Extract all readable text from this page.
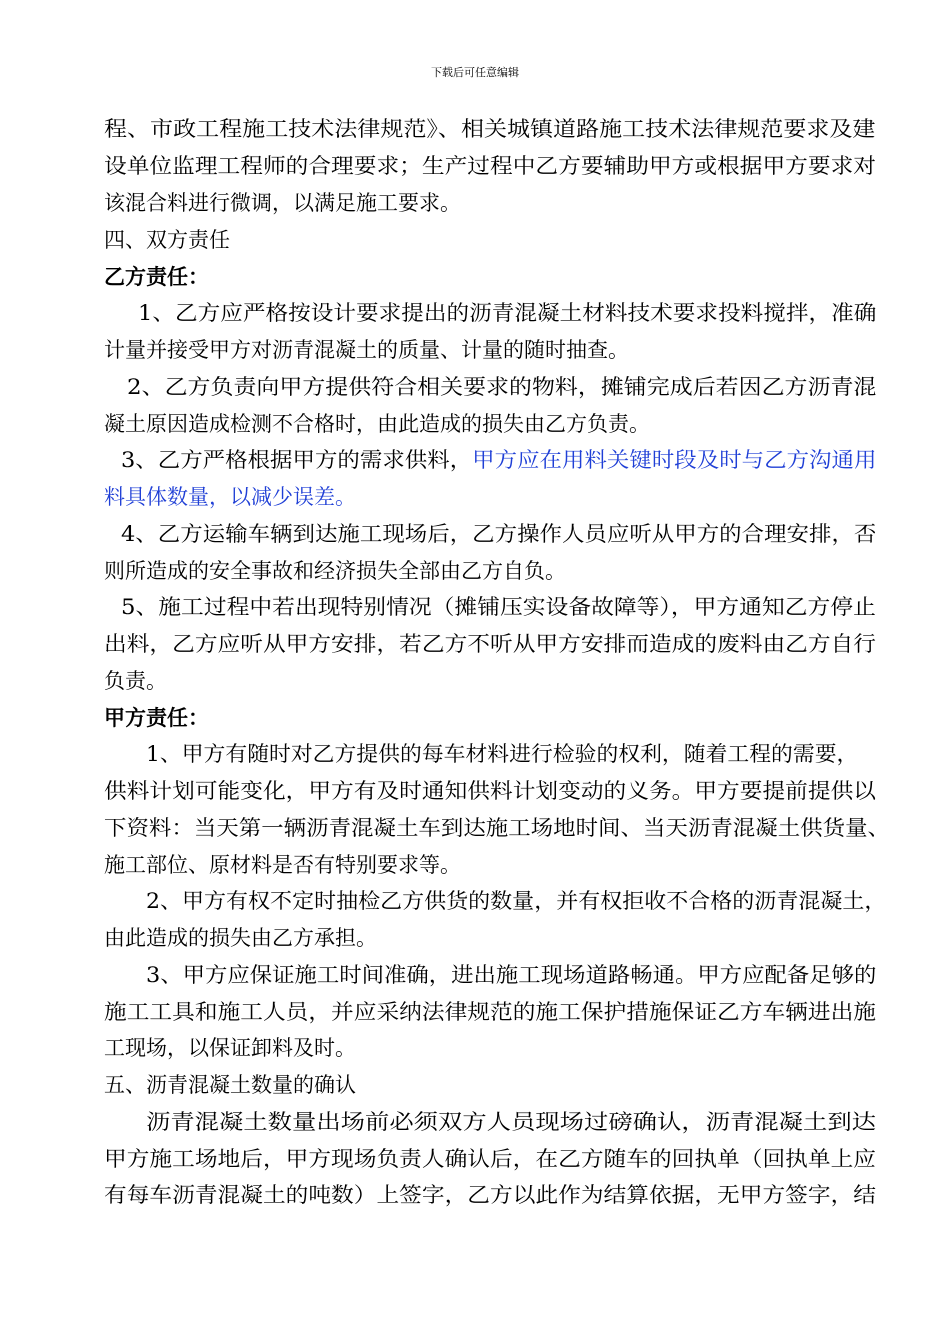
下载后可任意编辑
程、市政工程施工技术法律规范》、相关城镇道路施工技术法律规范要求及建
设单位监理工程师的合理要求；生产过程中乙方要辅助甲方或根据甲方要求对
该混合料进行微调，以满足施工要求。
四、双方责任
乙方责任：
1、乙方应严格按设计要求提出的沥青混凝土材料技术要求投料搅拌，准确
计量并接受甲方对沥青混凝土的质量、计量的随时抽查。
2、乙方负责向甲方提供符合相关要求的物料，摊铺完成后若因乙方沥青混
凝土原因造成检测不合格时，由此造成的损失由乙方负责。
3、乙方严格根据甲方的需求供料，甲方应在用料关键时段及时与乙方沟通用
料具体数量，以减少误差。
4、乙方运输车辆到达施工现场后，乙方操作人员应听从甲方的合理安排，否
则所造成的安全事故和经济损失全部由乙方自负。
5、施工过程中若出现特别情况（摊铺压实设备故障等），甲方通知乙方停止
出料，乙方应听从甲方安排，若乙方不听从甲方安排而造成的废料由乙方自行
负责。
甲方责任：
1、甲方有随时对乙方提供的每车材料进行检验的权利，随着工程的需要，
供料计划可能变化，甲方有及时通知供料计划变动的义务。甲方要提前提供以
下资料：当天第一辆沥青混凝土车到达施工场地时间、当天沥青混凝土供货量、
施工部位、原材料是否有特别要求等。
2、甲方有权不定时抽检乙方供货的数量，并有权拒收不合格的沥青混凝土，
由此造成的损失由乙方承担。
3、甲方应保证施工时间准确，进出施工现场道路畅通。甲方应配备足够的
施工工具和施工人员，并应采纳法律规范的施工保护措施保证乙方车辆进出施
工现场，以保证卸料及时。
五、沥青混凝土数量的确认
沥青混凝土数量出场前必须双方人员现场过磅确认，沥青混凝土到达
甲方施工场地后，甲方现场负责人确认后，在乙方随车的回执单（回执单上应
有每车沥青混凝土的吨数）上签字，乙方以此作为结算依据，无甲方签字，结
